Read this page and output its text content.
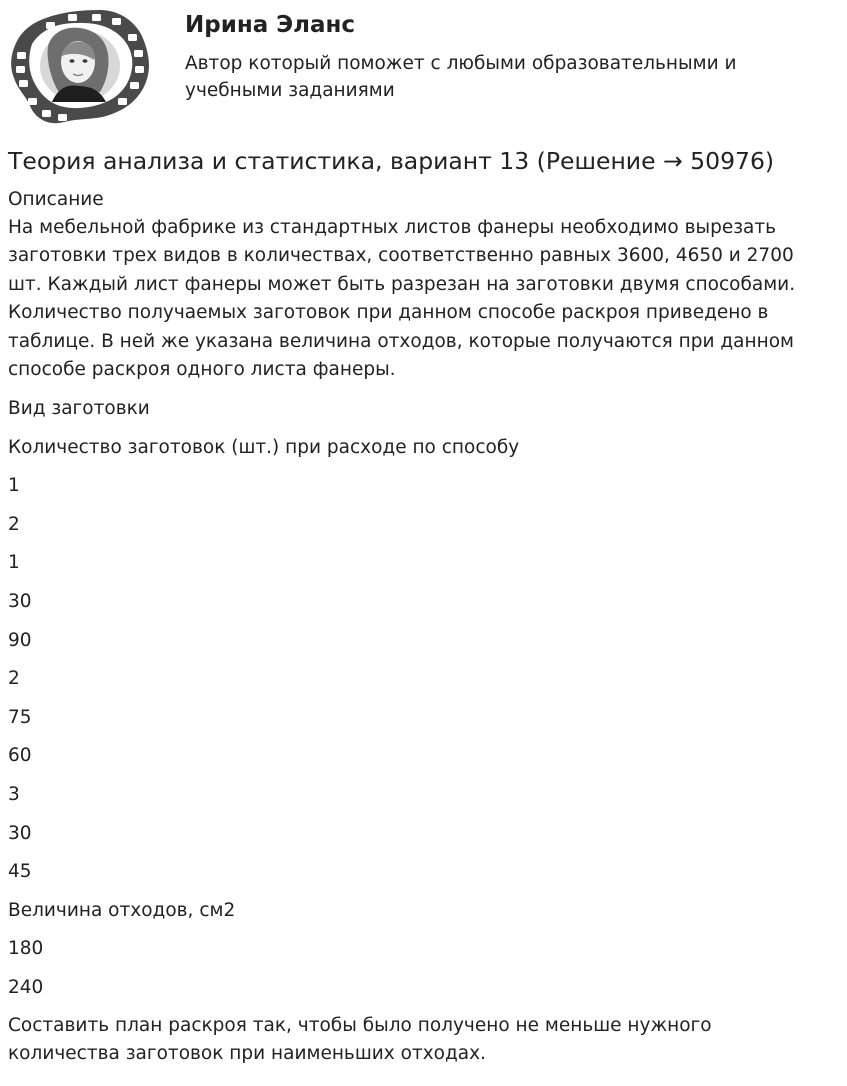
Ирина Эланс
Автор который поможет с любыми образовательными и учебными заданиями
Теория анализа и статистика, вариант 13 (Решение → 50976)
Описание

На мебельной фабрике из стандартных листов фанеры необходимо вырезать заготовки трех видов в количествах, соответственно равных 3600, 4650 и 2700 шт. Каждый лист фанеры может быть разрезан на заготовки двумя способами. Количество получаемых заготовок при данном способе раскроя приведено в таблице. В ней же указана величина отходов, которые получаются при данном способе раскроя одного листа фанеры.

Вид заготовки
Количество заготовок (шт.) при расходе по способу
1
2
1
30
90
2
75
60
3
30
45
Величина отходов, см2
180
240
Составить план раскроя так, чтобы было получено не меньше нужного количества заготовок при наименьших отходах.
